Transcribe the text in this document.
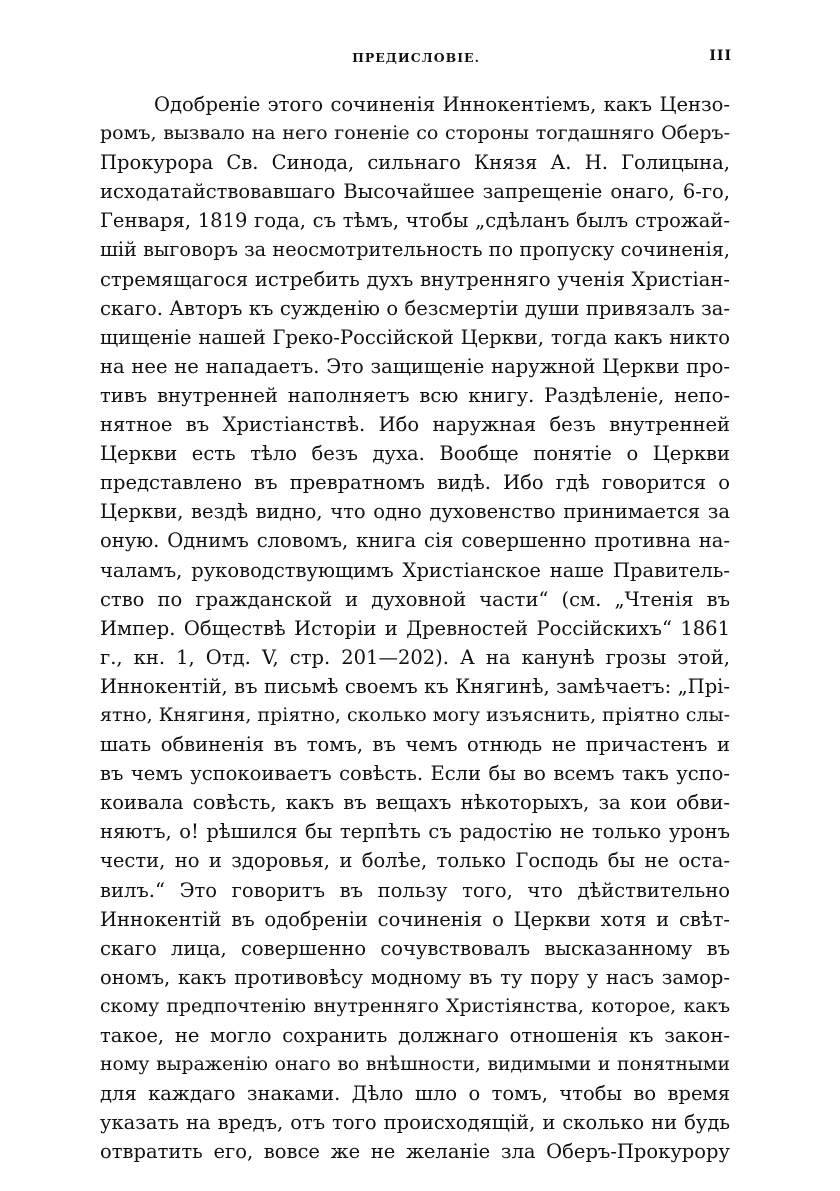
ПРЕДИСЛОВІЕ.	III
Одобреніе этого сочиненія Иннокентіемъ, какъ Цензо-
ромъ, вызвало на него гоненіе со стороны тогдашняго Оберъ-
Прокурора Св. Синода, сильнаго Князя А. Н. Голицына,
исходатайствовавшаго Высочайшее запрещеніе онаго, 6-го,
Генваря, 1819 года, съ тѣмъ, чтобы „сдѣланъ былъ строжай-
шій выговоръ за неосмотрительность по пропуску сочиненія,
стремящагося истребить духъ внутренняго ученія Христіан-
скаго. Авторъ къ сужденію о безсмертіи души привязалъ за-
щищеніе нашей Греко-Россійской Церкви, тогда какъ никто
на нее не нападаетъ. Это защищеніе наружной Церкви про-
тивъ внутренней наполняетъ всю книгу. Раздѣленіе, непо-
нятное въ Христіанствѣ. Ибо наружная безъ внутренней
Церкви есть тѣло безъ духа. Вообще понятіе о Церкви
представлено въ превратномъ видѣ. Ибо гдѣ говорится о
Церкви, вездѣ видно, что одно духовенство принимается за
оную. Однимъ словомъ, книга сія совершенно противна на-
чаламъ, руководствующимъ Христіанское наше Правитель-
ство по гражданской и духовной части“ (см. „Чтенія въ
Импер. Обществѣ Исторіи и Древностей Россійскихъ“ 1861
г., кн. 1, Отд. V, стр. 201—202). А на канунѣ грозы этой,
Иннокентій, въ письмѣ своемъ къ Княгинѣ, замѣчаетъ: „Прі-
ятно, Княгиня, пріятно, сколько могу изъяснить, пріятно слы-
шать обвиненія въ томъ, въ чемъ отнюдь не причастенъ и
въ чемъ успокоиваетъ совѣсть. Если бы во всемъ такъ успо-
коивала совѣсть, какъ въ вещахъ нѣкоторыхъ, за кои обви-
няютъ, о! рѣшился бы терпѣть съ радостію не только уронъ
чести, но и здоровья, и болѣе, только Господь бы не оста-
вилъ.“ Это говоритъ въ пользу того, что дѣйствительно
Иннокентій въ одобреніи сочиненія о Церкви хотя и свѣт-
скаго лица, совершенно сочувствовалъ высказанному въ
ономъ, какъ противовѣсу модному въ ту пору у насъ замор-
скому предпочтенію внутренняго Христіянства, которое, какъ
такое, не могло сохранить должнаго отношенія къ закон-
ному выраженію онаго во внѣшности, видимыми и понятными
для каждаго знаками. Дѣло шло о томъ, чтобы во время
указать на вредъ, отъ того происходящій, и сколько ни будь
отвратить его, вовсе же не желаніе зла Оберъ-Прокурору
